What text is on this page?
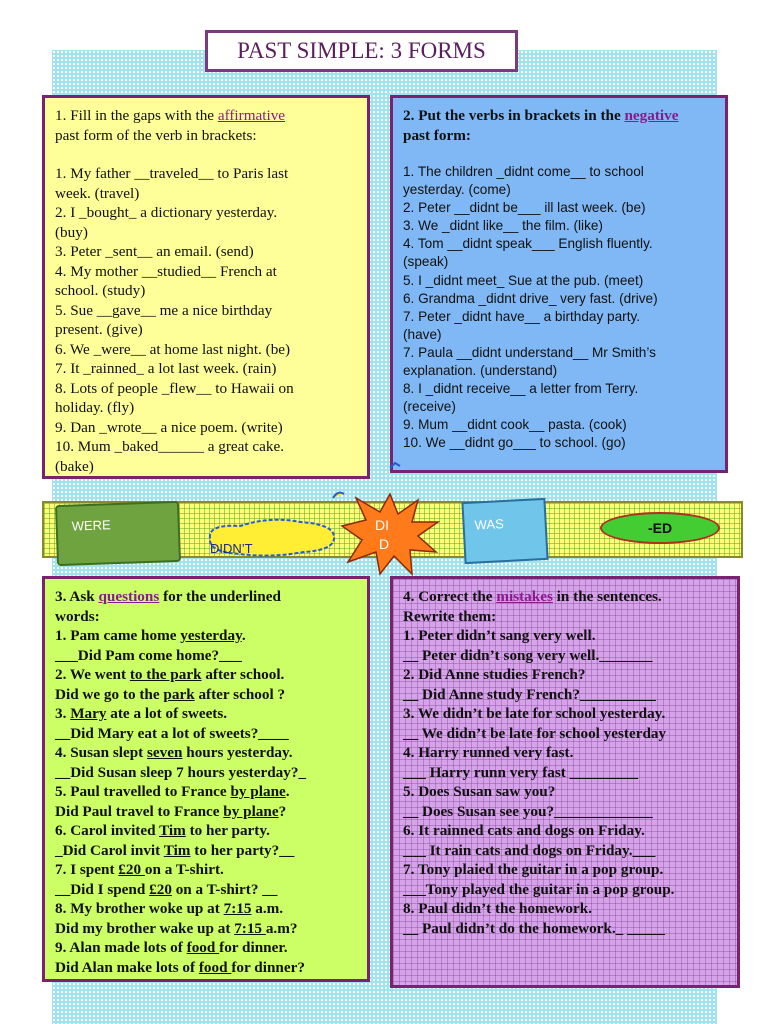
PAST SIMPLE: 3 FORMS

1. Fill in the gaps with the affirmative

past form of the verb in brackets:

1. My father __traveled__ to Paris last

week. (travel)

2. I _bought_ a dictionary yesterday.

(buy)

3. Peter _sent__ an email. (send)

4. My mother __studied__ French at

school. (study)

5. Sue __gave__ me a nice birthday

present. (give)

6. We _were__ at home last night. (be)

7. It _rainned_ a lot last week. (rain)

8. Lots of people _flew__ to Hawaii on

holiday. (fly)

9. Dan _wrote__ a nice poem. (write)

10. Mum _baked______ a great cake.

(bake)

2. Put the verbs in brackets in the negative

past form:

1. The children _didnt come__ to school

yesterday. (come)

2. Peter __didnt be___ ill last week. (be)

3. We _didnt like__ the film. (like)

4. Tom __didnt speak___ English fluently.

(speak)

5. I _didnt meet_ Sue at the pub. (meet)

6. Grandma _didnt drive_ very fast. (drive)

7. Peter _didnt have__ a birthday party.

(have)

7. Paula __didnt understand__ Mr Smith’s

explanation. (understand)

8. I _didnt receive__ a letter from Terry.

(receive)

9. Mum __didnt cook__ pasta. (cook)

10. We __didnt go___ to school. (go)

WERE
DIDN’T
DI
D
WAS	-ED

3. Ask questions for the underlined

words:

1. Pam came home yesterday.

___Did Pam come home?___

2. We went to the park after school.

Did we go to the park after school ?

3. Mary ate a lot of sweets.

__Did Mary eat a lot of sweets?____

4. Susan slept seven hours yesterday.

__Did Susan sleep 7 hours yesterday?_

5. Paul travelled to France by plane.

Did Paul travel to France by plane?

6. Carol invited Tim to her party.

_Did Carol invit Tim to her party?__

7. I spent £20 on a T-shirt.

__Did I spend £20 on a T-shirt? __

8. My brother woke up at 7:15 a.m.

Did my brother wake up at 7:15 a.m?

9. Alan made lots of food for dinner.

Did Alan make lots of food for dinner?

4. Correct the mistakes in the sentences.

Rewrite them:

1. Peter didn’t sang very well.

__ Peter didn’t song very well._______

2. Did Anne studies French?

__ Did Anne study French?__________

3. We didn’t be late for school yesterday.

__ We didn’t be late for school yesterday

4. Harry runned very fast.

___ Harry runn very fast _________

5. Does Susan saw you?

__ Does Susan see you?_____________

6. It rainned cats and dogs on Friday.

___ It rain cats and dogs on Friday.___

7. Tony plaied the guitar in a pop group.

___Tony played the guitar in a pop group.

8. Paul didn’t the homework.

__ Paul didn’t do the homework._ _____
